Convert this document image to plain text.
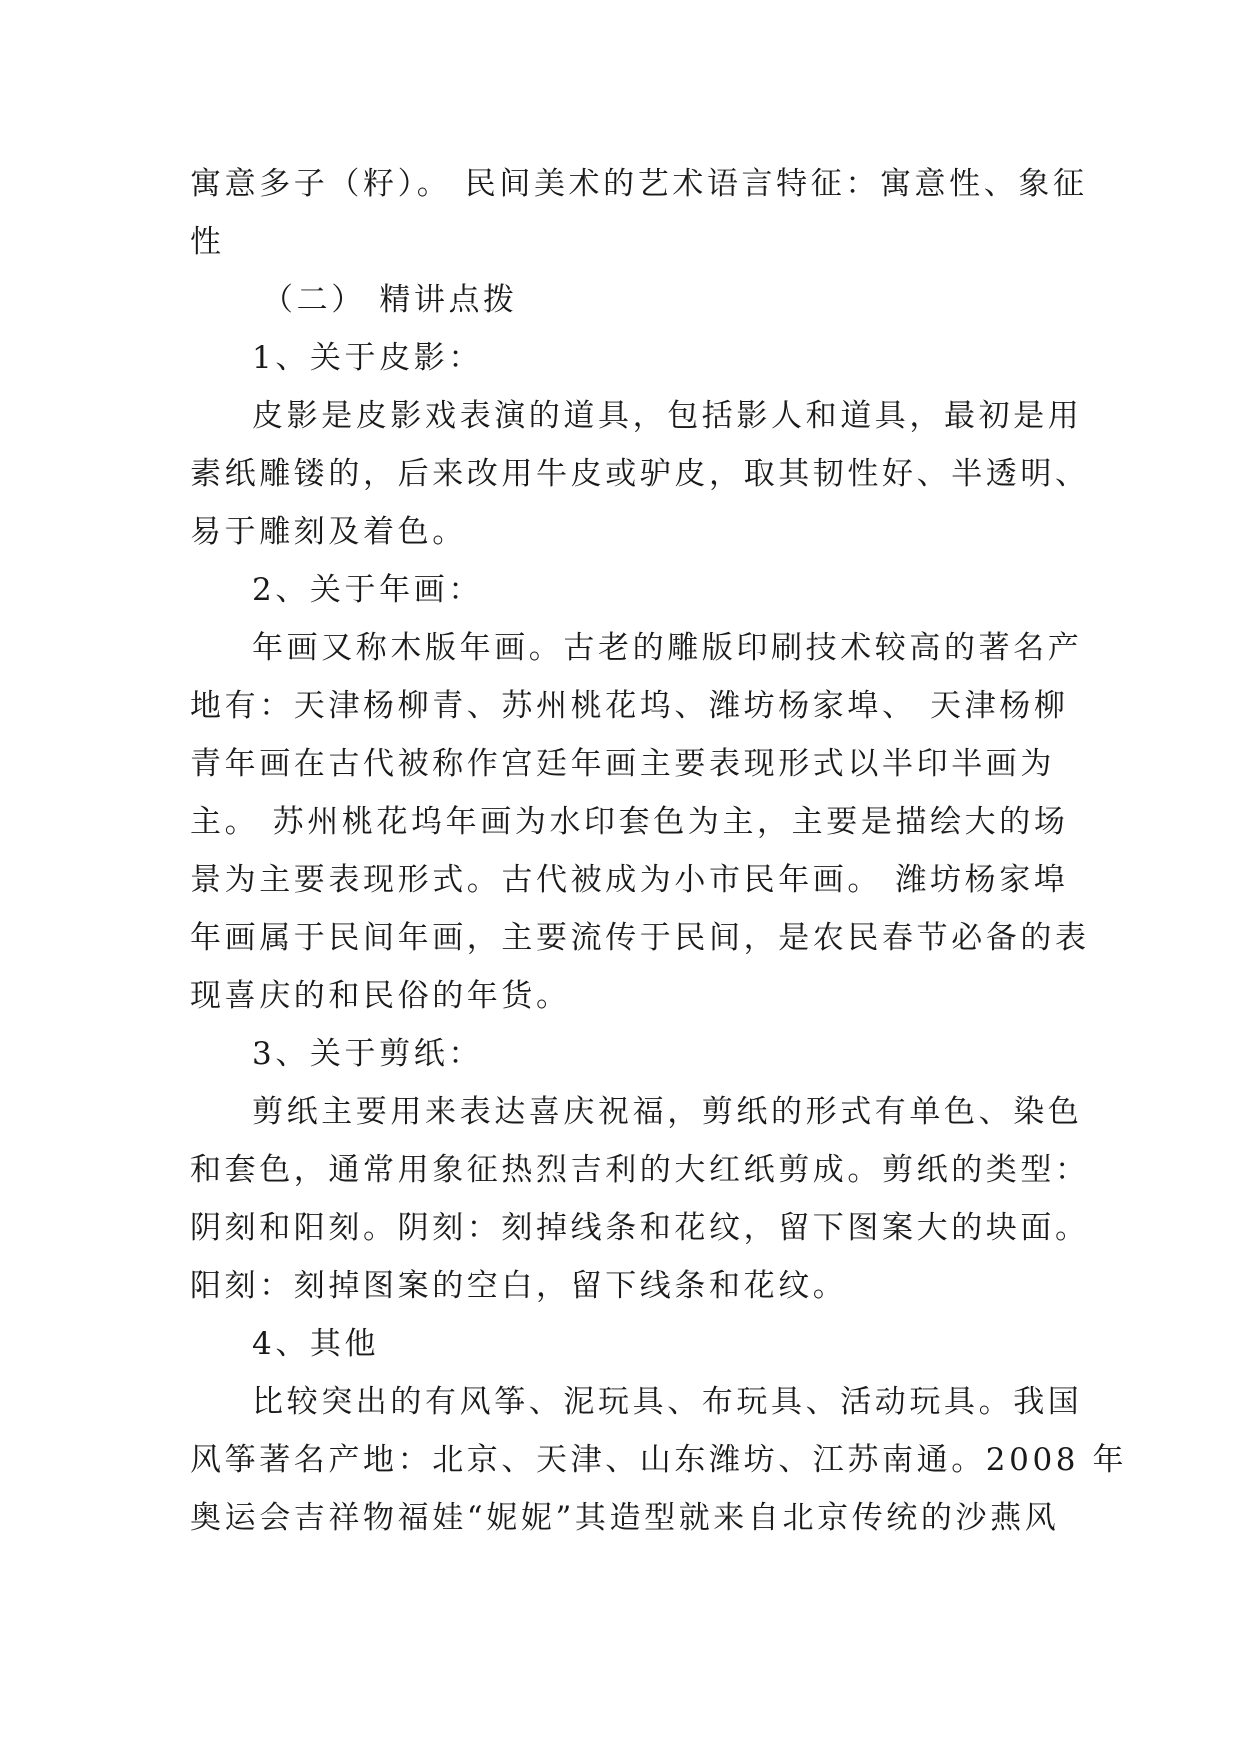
寓意多子（籽）。 民间美术的艺术语言特征：寓意性、象征
性
（二） 精讲点拨
1、关于皮影：
皮影是皮影戏表演的道具，包括影人和道具，最初是用
素纸雕镂的，后来改用牛皮或驴皮，取其韧性好、半透明、
易于雕刻及着色。
2、关于年画：
年画又称木版年画。古老的雕版印刷技术较高的著名产
地有：天津杨柳青、苏州桃花坞、潍坊杨家埠、 天津杨柳
青年画在古代被称作宫廷年画主要表现形式以半印半画为
主。 苏州桃花坞年画为水印套色为主，主要是描绘大的场
景为主要表现形式。古代被成为小市民年画。 潍坊杨家埠
年画属于民间年画，主要流传于民间，是农民春节必备的表
现喜庆的和民俗的年货。
3、关于剪纸：
剪纸主要用来表达喜庆祝福，剪纸的形式有单色、染色
和套色，通常用象征热烈吉利的大红纸剪成。剪纸的类型：
阴刻和阳刻。阴刻：刻掉线条和花纹，留下图案大的块面。
阳刻：刻掉图案的空白，留下线条和花纹。
4、其他
比较突出的有风筝、泥玩具、布玩具、活动玩具。我国
风筝著名产地：北京、天津、山东潍坊、江苏南通。2008 年
奥运会吉祥物福娃“妮妮”其造型就来自北京传统的沙燕风
